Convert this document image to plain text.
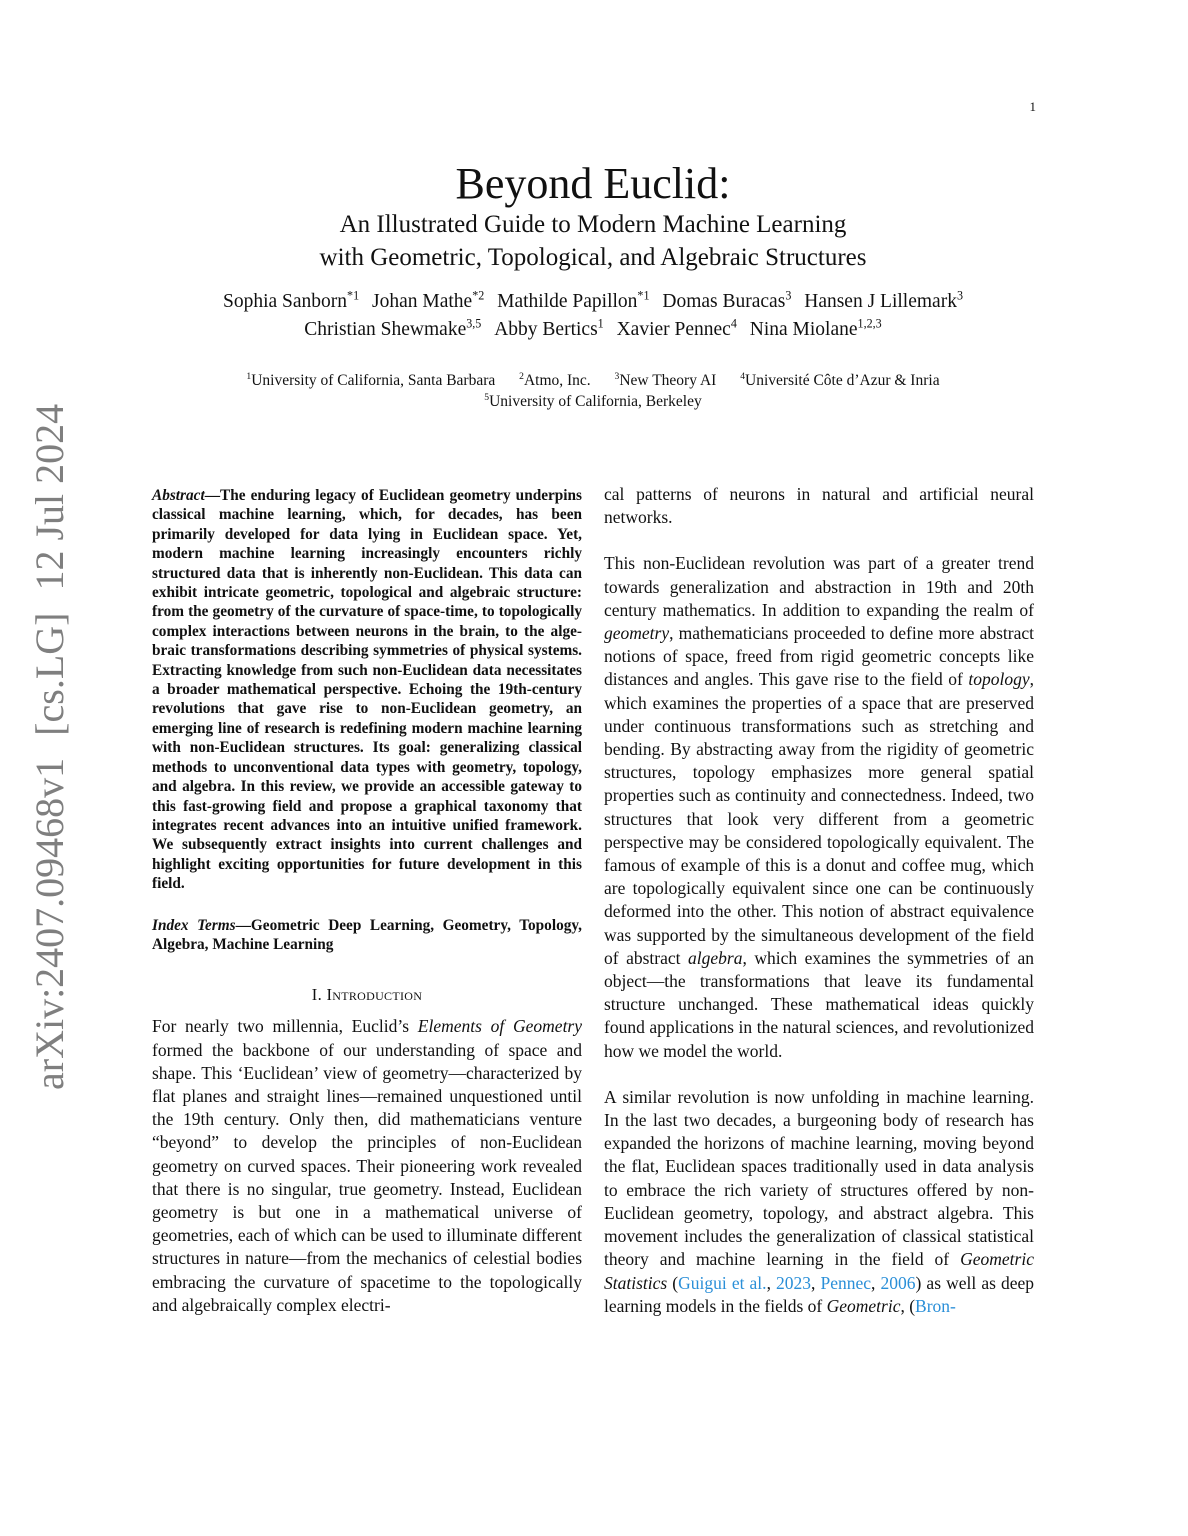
1
arXiv:2407.09468v1[cs.LG]12 Jul 2024
Beyond Euclid:
An Illustrated Guide to Modern Machine Learning
with Geometric, Topological, and Algebraic Structures
Sophia Sanborn$^{*1}$ Johan Mathe$^{*2}$ Mathilde Papillon$^{*1}$ Domas Buracas$^3$ Hansen J Lillemark$^3$
Christian Shewmake$^{3,5}$ Abby Bertics$^1$ Xavier Pennec$^4$ Nina Miolane$^{1,2,3}$
$^1$University of California, Santa Barbara $^2$Atmo, Inc. $^3$New Theory AI $^4$Université Côte d’Azur & Inria
$^5$University of California, Berkeley

Abstract—The enduring legacy of Euclidean geometry underpins classical machine learning, which, for decades, has been primarily developed for data lying in Euclidean space. Yet, modern machine learning increasingly encounters richly structured data that is inherently non-Euclidean. This data can exhibit intricate geometric, topological and algebraic structure: from the geometry of the curvature of space-time, to topologically complex interactions between neurons in the brain, to the algebraic transformations describing symmetries of physical systems. Extracting knowledge from such non-Euclidean data necessitates a broader mathematical perspective. Echoing the 19th-century revolutions that gave rise to non-Euclidean geometry, an emerging line of research is redefining modern machine learning with non-Euclidean structures. Its goal: generalizing classical methods to unconventional data types with geometry, topology, and algebra. In this review, we provide an accessible gateway to this fast-growing field and propose a graphical taxonomy that integrates recent advances into an intuitive unified framework. We subsequently extract insights into current challenges and highlight exciting opportunities for future development in this field.

Index Terms—Geometric Deep Learning, Geometry, Topology, Algebra, Machine Learning

I. Introduction

For nearly two millennia, Euclid’s Elements of Geometry formed the backbone of our understanding of space and shape. This ‘Euclidean’ view of geometry—characterized by flat planes and straight lines—remained unquestioned until the 19th century. Only then, did mathematicians venture “beyond” to develop the principles of non-Euclidean geometry on curved spaces. Their pioneering work revealed that there is no singular, true geometry. Instead, Euclidean geometry is but one in a mathematical universe of geometries, each of which can be used to illuminate different structures in nature—from the mechanics of celestial bodies embracing the curvature of spacetime to the topologically and algebraically complex electri-

cal patterns of neurons in natural and artificial neural networks.

This non-Euclidean revolution was part of a greater trend towards generalization and abstraction in 19th and 20th century mathematics. In addition to expanding the realm of geometry, mathematicians proceeded to define more abstract notions of space, freed from rigid geometric concepts like distances and angles. This gave rise to the field of topology, which examines the properties of a space that are preserved under continuous transformations such as stretching and bending. By abstracting away from the rigidity of geometric structures, topology emphasizes more general spatial properties such as continuity and connectedness. Indeed, two structures that look very different from a geometric perspective may be considered topologically equivalent. The famous of example of this is a donut and coffee mug, which are topologically equivalent since one can be continuously deformed into the other. This notion of abstract equivalence was supported by the simultaneous development of the field of abstract algebra, which examines the symmetries of an object—the transformations that leave its fundamental structure unchanged. These mathematical ideas quickly found applications in the natural sciences, and revolutionized how we model the world.

A similar revolution is now unfolding in machine learning. In the last two decades, a burgeoning body of research has expanded the horizons of machine learning, moving beyond the flat, Euclidean spaces traditionally used in data analysis to embrace the rich variety of structures offered by non-Euclidean geometry, topology, and abstract algebra. This movement includes the generalization of classical statistical theory and machine learning in the field of Geometric Statistics (Guigui et al., 2023, Pennec, 2006) as well as deep learning models in the fields of Geometric, (Bron-
